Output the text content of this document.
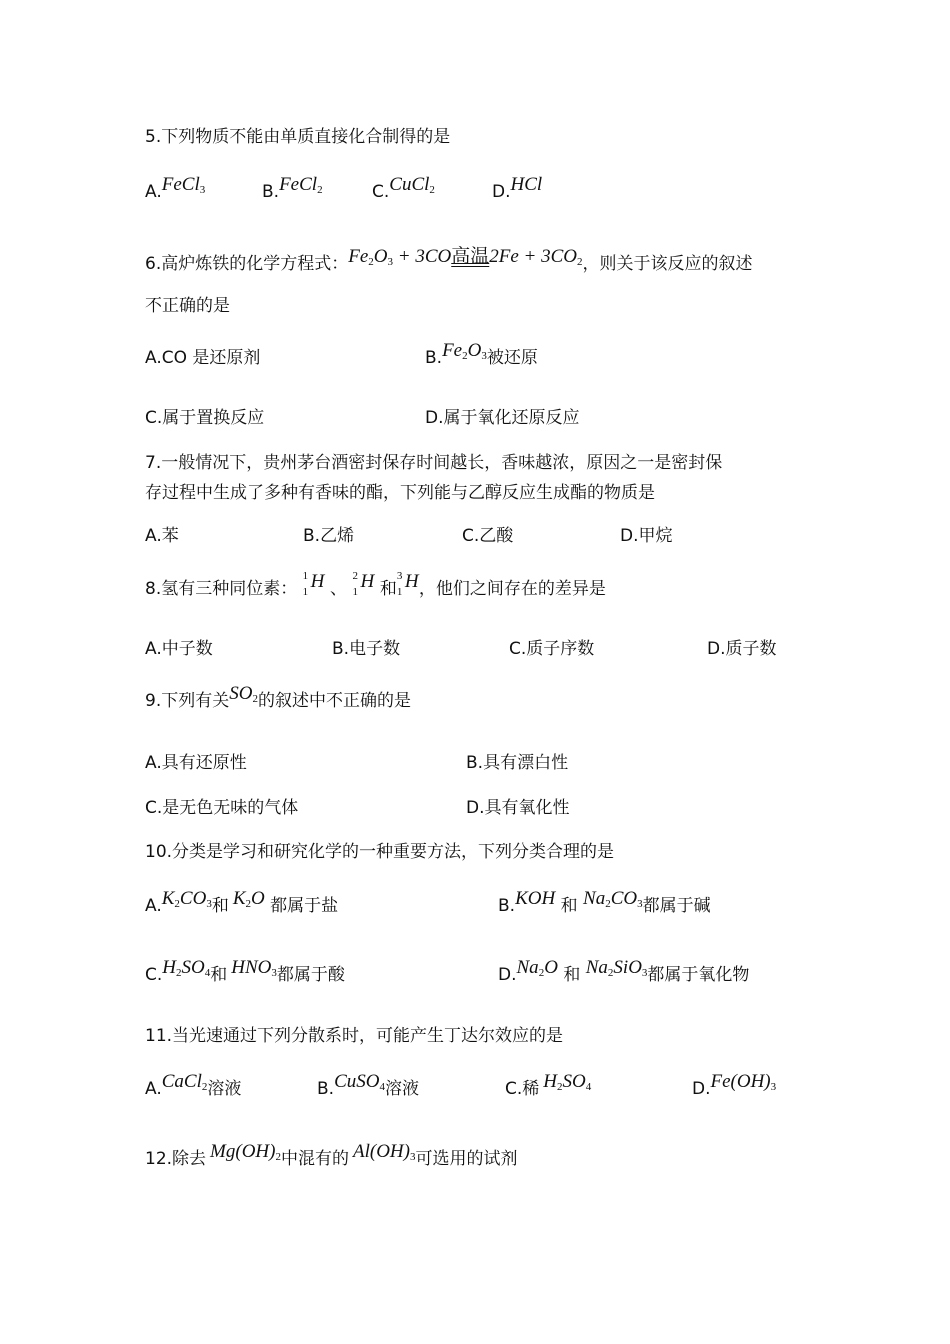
5.下列物质不能由单质直接化合制得的是
A.FeCl$_3$	B.FeCl$_2$	C.CuCl$_2$	D.HCl
6.高炉炼铁的化学方程式：$Fe_2O_3 + 3CO$高温$2Fe + 3CO_2$，则关于该反应的叙述
不正确的是
A.CO 是还原剂	$B.Fe_2O_3$被还原
C.属于置换反应	D.属于氧化还原反应
7.一般情况下，贵州茅台酒密封保存时间越长，香味越浓，原因之一是密封保
存过程中生成了多种有香味的酯，下列能与乙醇反应生成酯的物质是
A.苯	B.乙烯	C.乙酸	D.甲烷
8.氢有三种同位素：
1
1 H 、
2
1 H 和
3
1 H，他们之间存在的差异是
A.中子数	B.电子数	C.质子序数	D.质子数
9.下列有关$SO_2$的叙述中不正确的是
A.具有还原性	B.具有漂白性
C.是无色无味的气体	D.具有氧化性
10.分类是学习和研究化学的一种重要方法，下列分类合理的是
$A.K_2CO_3$和 $K_2O$ 都属于盐	B.KOH 和 $Na_2CO_3$都属于碱
$C.H_2SO_4$和 $HNO_3$都属于酸	$D.Na_2O$ 和 $Na_2SiO_3$都属于氧化物
11.当光速通过下列分散系时，可能产生丁达尔效应的是
A.CaCl$_2$溶液	B.CuSO$_4$溶液	C.稀 $H_2SO_4$	$D.Fe(OH)_3$
12.除去 $Mg(OH)_2$中混有的 $Al(OH)_3$可选用的试剂
